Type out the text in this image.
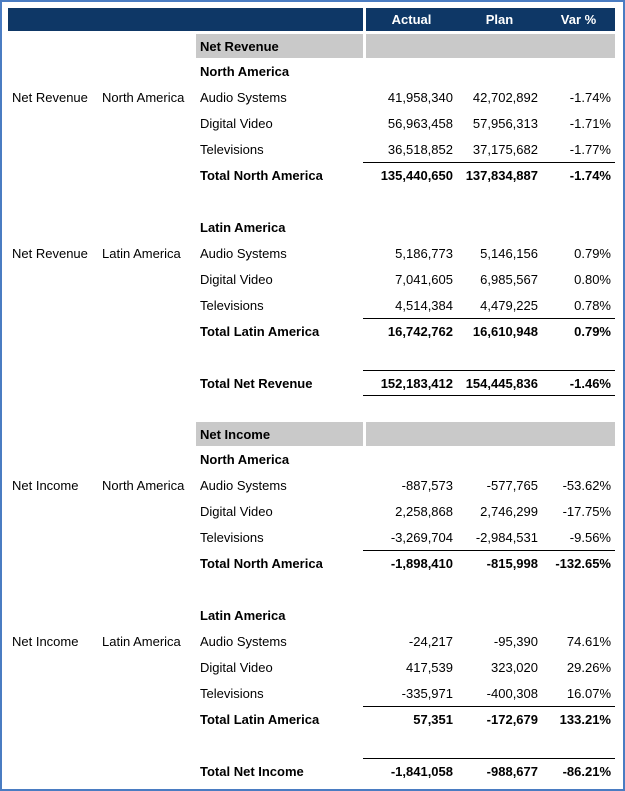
Actual	Plan	Var %
Net Revenue
North America
Net Revenue	North America	Audio Systems	41,958,340	42,702,892	-1.74%
Digital Video	56,963,458	57,956,313	-1.71%
Televisions	36,518,852	37,175,682	-1.77%
Total North America	135,440,650 137,834,887	-1.74%
Latin America
Net Revenue	Latin America	Audio Systems	5,186,773	5,146,156	0.79%
Digital Video	7,041,605	6,985,567	0.80%
Televisions	4,514,384	4,479,225	0.78%
Total Latin America	16,742,762	16,610,948	0.79%
Total Net Revenue	152,183,412 154,445,836	-1.46%
Net Income
North America
Net Income	North America	Audio Systems	-887,573	-577,765	-53.62%
Digital Video	2,258,868	2,746,299	-17.75%
Televisions	-3,269,704	-2,984,531	-9.56%
Total North America	-1,898,410	-815,998	-132.65%
Latin America
Net Income	Latin America	Audio Systems	-24,217	-95,390	74.61%
Digital Video	417,539	323,020	29.26%
Televisions	-335,971	-400,308	16.07%
Total Latin America	57,351	-172,679	133.21%
Total Net Income	-1,841,058	-988,677	-86.21%
